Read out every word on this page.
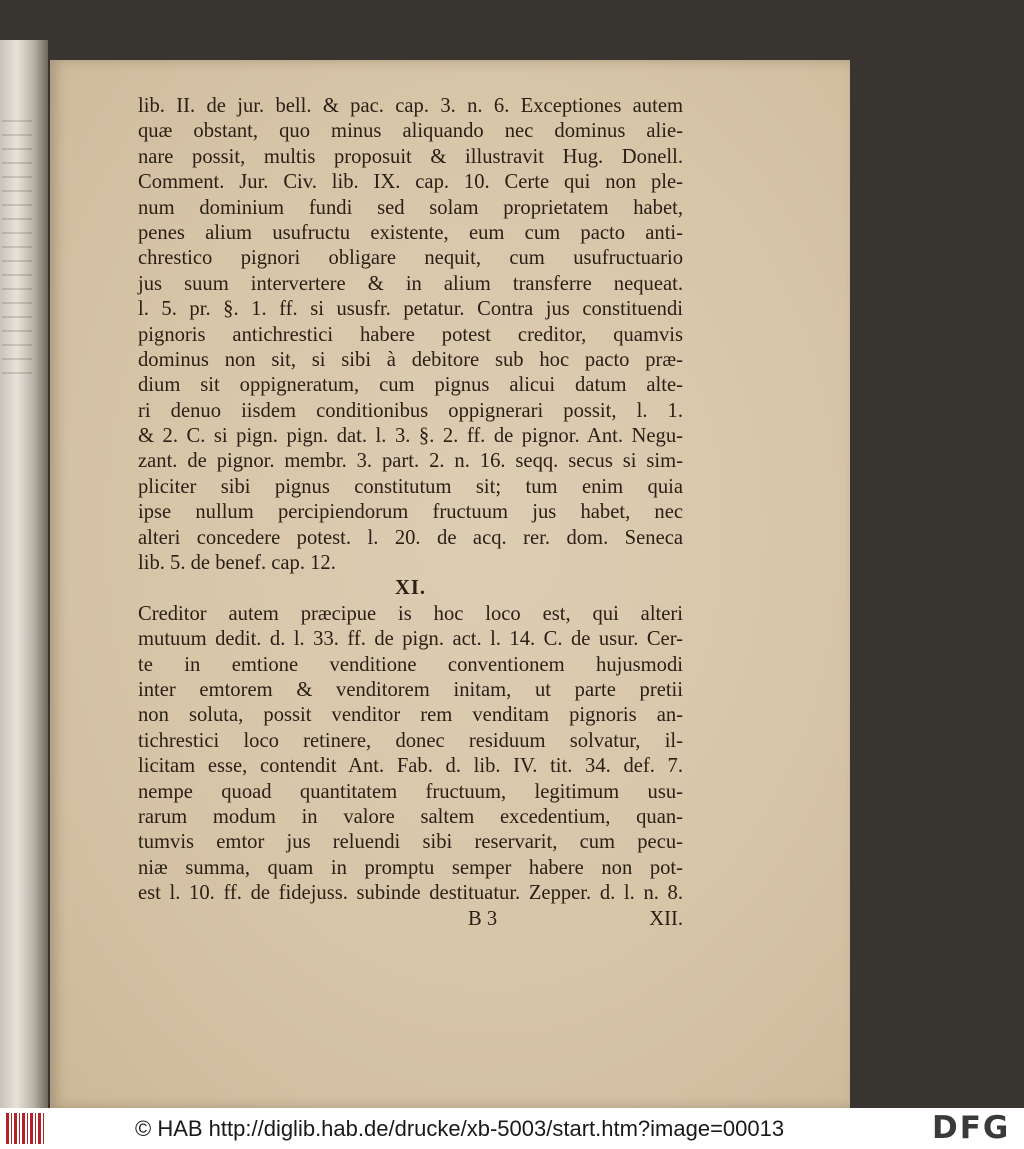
lib. II. de jur. bell. & pac. cap. 3. n. 6. Exceptiones autem
quæ obstant, quo minus aliquando nec dominus alie-
nare possit, multis proposuit & illustravit Hug. Donell.
Comment. Jur. Civ. lib. IX. cap. 10. Certe qui non ple-
num dominium fundi sed solam proprietatem habet,
penes alium usufructu existente, eum cum pacto anti-
chrestico pignori obligare nequit, cum usufructuario
jus suum intervertere & in alium transferre nequeat.
l. 5. pr. §. 1. ff. si ususfr. petatur. Contra jus constituendi
pignoris antichrestici habere potest creditor, quamvis
dominus non sit, si sibi à debitore sub hoc pacto præ-
dium sit oppigneratum, cum pignus alicui datum alte-
ri denuo iisdem conditionibus oppignerari possit, l. 1.
& 2. C. si pign. pign. dat. l. 3. §. 2. ff. de pignor. Ant. Negu-
zant. de pignor. membr. 3. part. 2. n. 16. seqq. secus si sim-
pliciter sibi pignus constitutum sit; tum enim quia
ipse nullum percipiendorum fructuum jus habet, nec
alteri concedere potest. l. 20. de acq. rer. dom. Seneca
lib. 5. de benef. cap. 12.
XI.
Creditor autem præcipue is hoc loco est, qui alteri
mutuum dedit. d. l. 33. ff. de pign. act. l. 14. C. de usur. Cer-
te in emtione venditione conventionem hujusmodi
inter emtorem & venditorem initam, ut parte pretii
non soluta, possit venditor rem venditam pignoris an-
tichrestici loco retinere, donec residuum solvatur, il-
licitam esse, contendit Ant. Fab. d. lib. IV. tit. 34. def. 7.
nempe quoad quantitatem fructuum, legitimum usu-
rarum modum in valore saltem excedentium, quan-
tumvis emtor jus reluendi sibi reservarit, cum pecu-
niæ summa, quam in promptu semper habere non pot-
est l. 10. ff. de fidejuss. subinde destituatur. Zepper. d. l. n. 8.
B 3	XII.
© HAB http://diglib.hab.de/drucke/xb-5003/start.htm?image=00013	DFG
